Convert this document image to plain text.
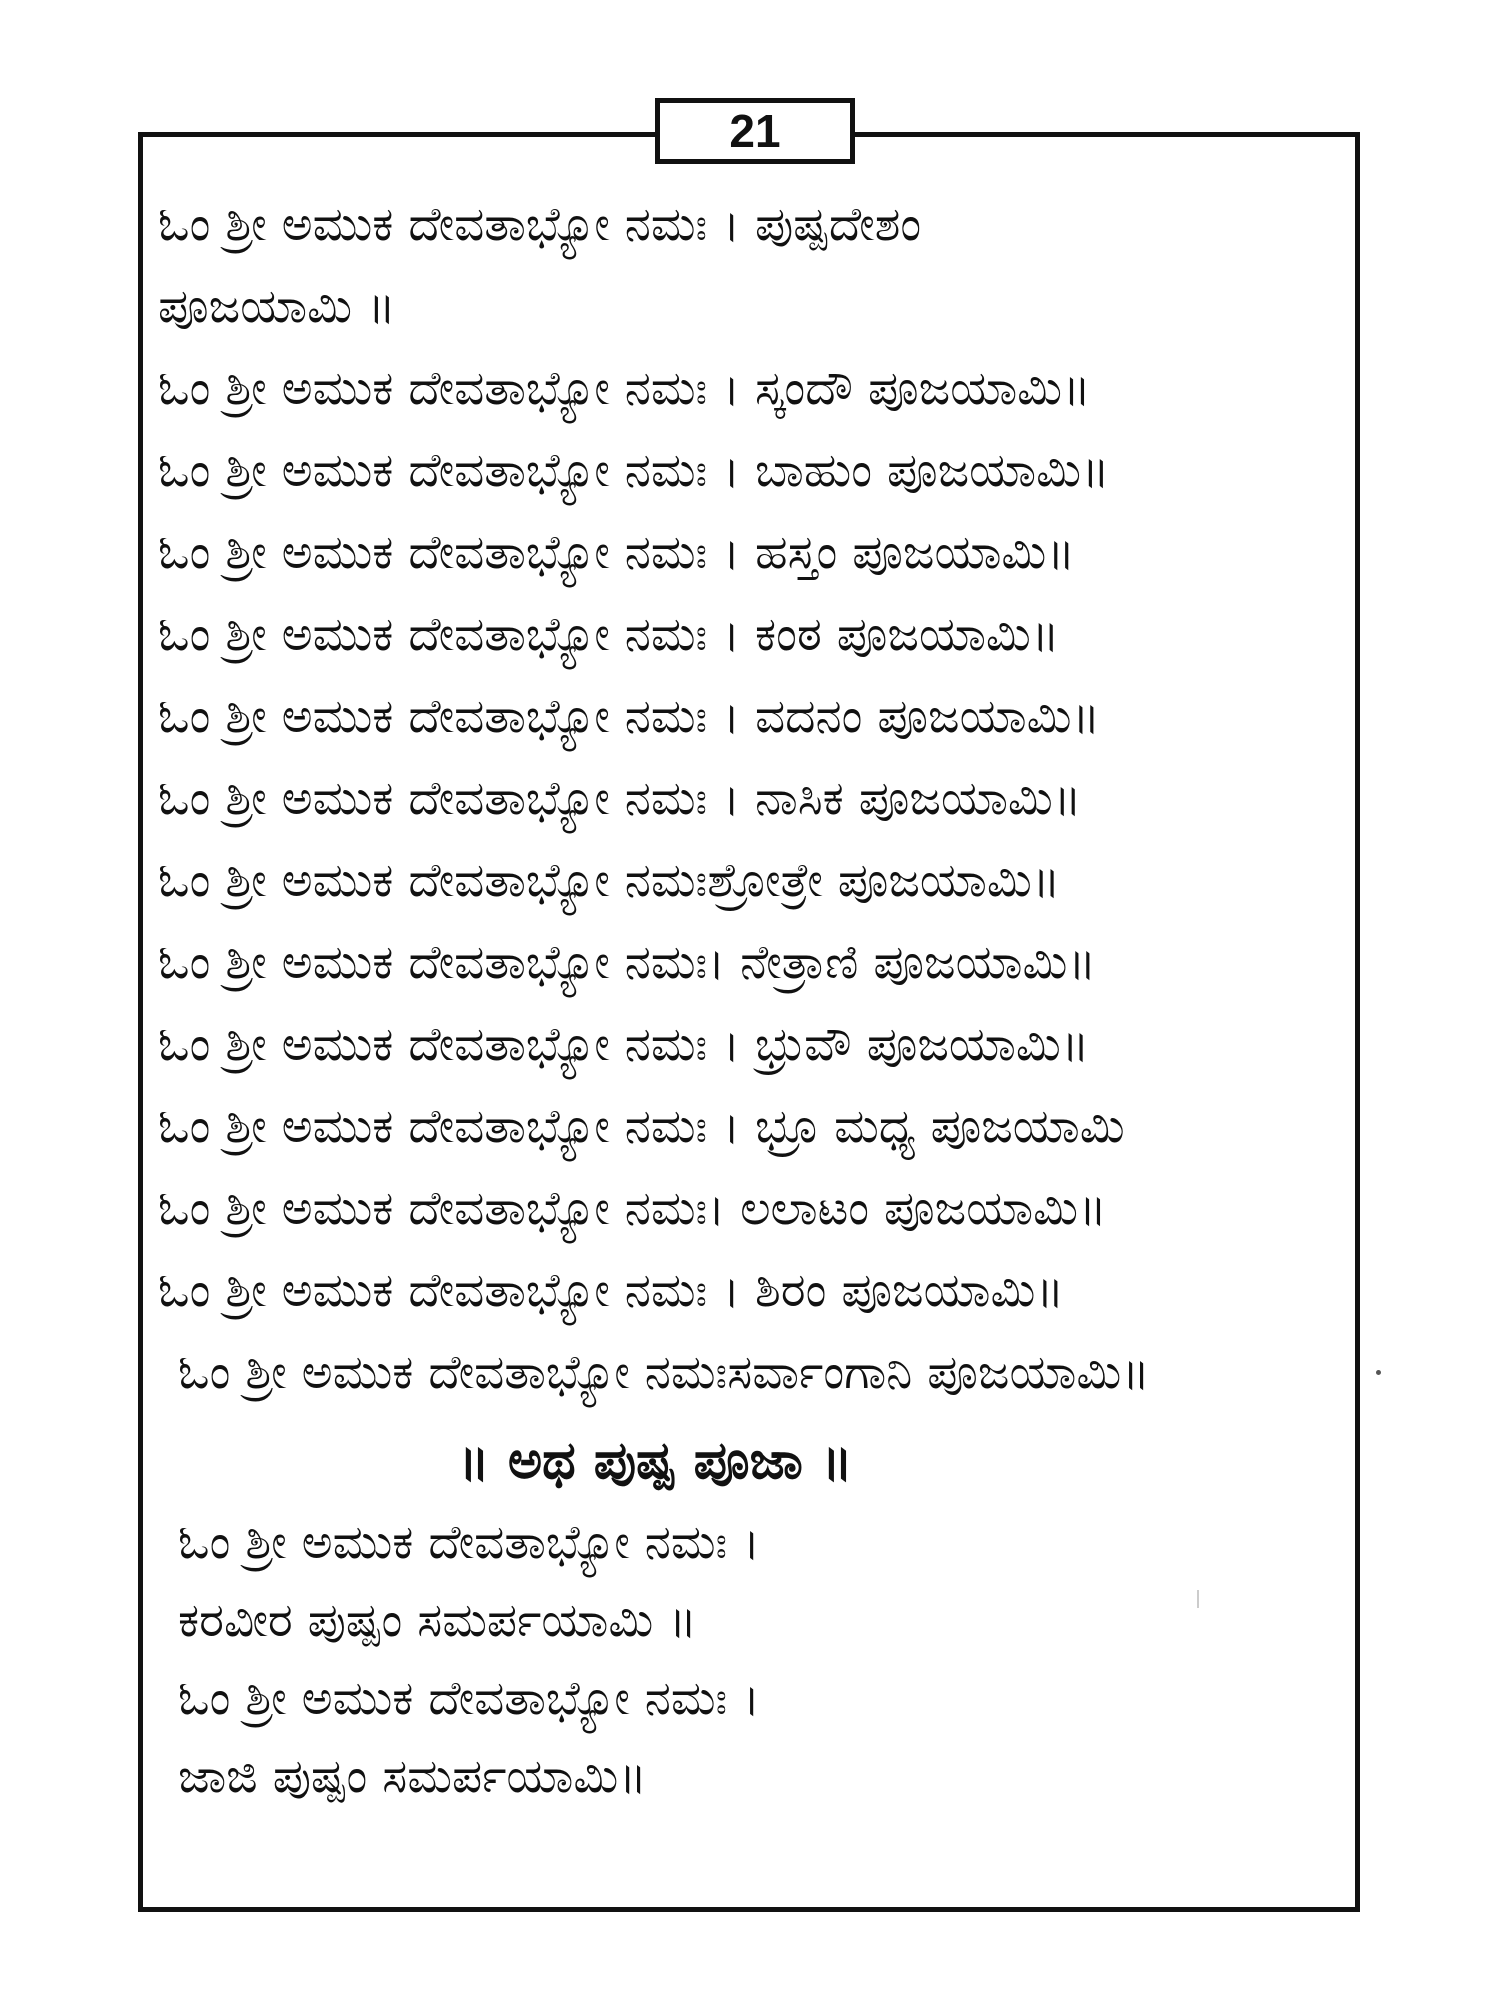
21
ಓಂ ಶ್ರೀ ಅಮುಕ ದೇವತಾಭ್ಯೋ ನಮಃ । ಪುಷ್ಪದೇಶಂ
ಪೂಜಯಾಮಿ ॥
ಓಂ ಶ್ರೀ ಅಮುಕ ದೇವತಾಭ್ಯೋ ನಮಃ । ಸ್ಕಂದೌ ಪೂಜಯಾಮಿ॥
ಓಂ ಶ್ರೀ ಅಮುಕ ದೇವತಾಭ್ಯೋ ನಮಃ । ಬಾಹುಂ ಪೂಜಯಾಮಿ॥
ಓಂ ಶ್ರೀ ಅಮುಕ ದೇವತಾಭ್ಯೋ ನಮಃ । ಹಸ್ತಂ ಪೂಜಯಾಮಿ॥
ಓಂ ಶ್ರೀ ಅಮುಕ ದೇವತಾಭ್ಯೋ ನಮಃ । ಕಂಠ ಪೂಜಯಾಮಿ॥
ಓಂ ಶ್ರೀ ಅಮುಕ ದೇವತಾಭ್ಯೋ ನಮಃ । ವದನಂ ಪೂಜಯಾಮಿ॥
ಓಂ ಶ್ರೀ ಅಮುಕ ದೇವತಾಭ್ಯೋ ನಮಃ । ನಾಸಿಕ ಪೂಜಯಾಮಿ॥
ಓಂ ಶ್ರೀ ಅಮುಕ ದೇವತಾಭ್ಯೋ ನಮಃಶ್ರೋತ್ರೇ ಪೂಜಯಾಮಿ॥
ಓಂ ಶ್ರೀ ಅಮುಕ ದೇವತಾಭ್ಯೋ ನಮಃ। ನೇತ್ರಾಣಿ ಪೂಜಯಾಮಿ॥
ಓಂ ಶ್ರೀ ಅಮುಕ ದೇವತಾಭ್ಯೋ ನಮಃ । ಭ್ರುವೌ ಪೂಜಯಾಮಿ॥
ಓಂ ಶ್ರೀ ಅಮುಕ ದೇವತಾಭ್ಯೋ ನಮಃ । ಭ್ರೂ ಮಧ್ಯ ಪೂಜಯಾಮಿ
ಓಂ ಶ್ರೀ ಅಮುಕ ದೇವತಾಭ್ಯೋ ನಮಃ। ಲಲಾಟಂ ಪೂಜಯಾಮಿ॥
ಓಂ ಶ್ರೀ ಅಮುಕ ದೇವತಾಭ್ಯೋ ನಮಃ । ಶಿರಂ ಪೂಜಯಾಮಿ॥
ಓಂ ಶ್ರೀ ಅಮುಕ ದೇವತಾಭ್ಯೋ ನಮಃಸರ್ವಾಂಗಾನಿ ಪೂಜಯಾಮಿ॥
॥ ಅಥ ಪುಷ್ಪ ಪೂಜಾ ॥
ಓಂ ಶ್ರೀ ಅಮುಕ ದೇವತಾಭ್ಯೋ ನಮಃ ।
ಕರವೀರ ಪುಷ್ಪಂ ಸಮರ್ಪಯಾಮಿ ॥
ಓಂ ಶ್ರೀ ಅಮುಕ ದೇವತಾಭ್ಯೋ ನಮಃ ।
ಜಾಜಿ ಪುಷ್ಪಂ ಸಮರ್ಪಯಾಮಿ॥
